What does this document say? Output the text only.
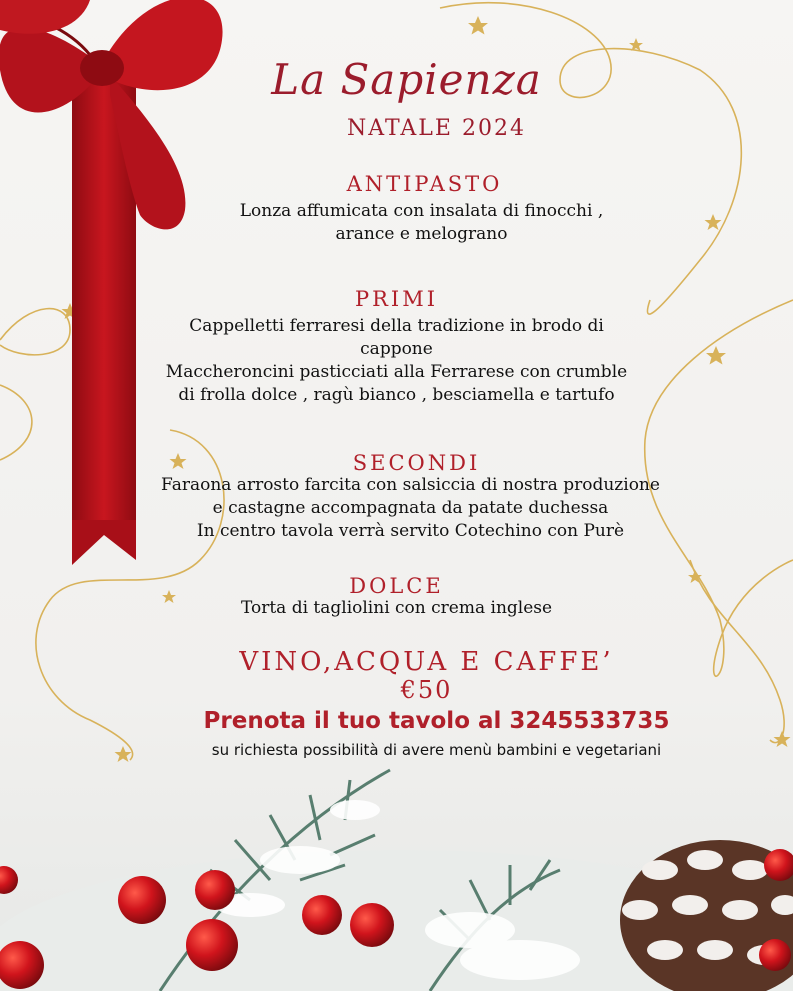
La Sapienza
NATALE 2024
ANTIPASTO
Lonza affumicata con insalata di finocchi ,
arance e melograno
PRIMI
Cappelletti ferraresi della tradizione in brodo di
cappone
Maccheroncini pasticciati alla Ferrarese con crumble
di frolla dolce , ragù bianco , besciamella e tartufo
SECONDI
Faraona arrosto farcita con salsiccia di nostra produzione
e castagne accompagnata da patate duchessa
In centro tavola verrà servito Cotechino con Purè
DOLCE
Torta di tagliolini con crema inglese
VINO,ACQUA E CAFFE’
€50
Prenota il tuo tavolo al 3245533735
su richiesta possibilità di avere menù bambini e vegetariani
